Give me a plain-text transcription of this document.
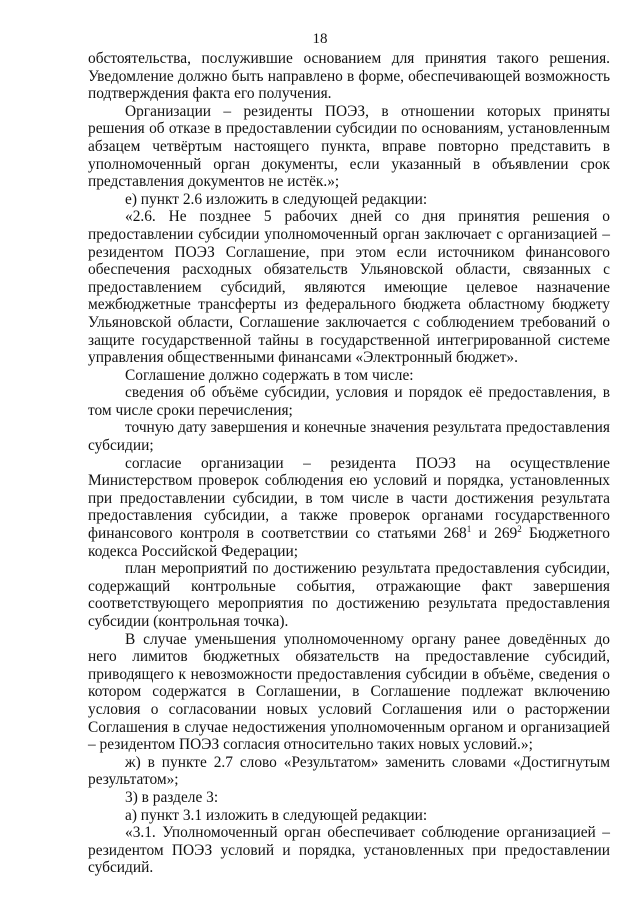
18

обстоятельства, послужившие основанием для принятия такого решения. Уведомление должно быть направлено в форме, обеспечивающей возможность подтверждения факта его получения.

Организации – резиденты ПОЭЗ, в отношении которых приняты решения об отказе в предоставлении субсидии по основаниям, установленным абзацем четвёртым настоящего пункта, вправе повторно представить в уполномоченный орган документы, если указанный в объявлении срок представления документов не истёк.»;

е) пункт 2.6 изложить в следующей редакции:

«2.6. Не позднее 5 рабочих дней со дня принятия решения о предоставлении субсидии уполномоченный орган заключает с организацией – резидентом ПОЭЗ Соглашение, при этом если источником финансового обеспечения расходных обязательств Ульяновской области, связанных с предоставлением субсидий, являются имеющие целевое назначение межбюджетные трансферты из федерального бюджета областному бюджету Ульяновской области, Соглашение заключается с соблюдением требований о защите государственной тайны в государственной интегрированной системе управления общественными финансами «Электронный бюджет».

Соглашение должно содержать в том числе:

сведения об объёме субсидии, условия и порядок её предоставления, в том числе сроки перечисления;

точную дату завершения и конечные значения результата предоставления субсидии;

согласие организации – резидента ПОЭЗ на осуществление Министерством проверок соблюдения ею условий и порядка, установленных при предоставлении субсидии, в том числе в части достижения результата предоставления субсидии, а также проверок органами государственного финансового контроля в соответствии со статьями $268^1$ и $269^2$ Бюджетного кодекса Российской Федерации;

план мероприятий по достижению результата предоставления субсидии, содержащий контрольные события, отражающие факт завершения соответствующего мероприятия по достижению результата предоставления субсидии (контрольная точка).

В случае уменьшения уполномоченному органу ранее доведённых до него лимитов бюджетных обязательств на предоставление субсидий, приводящего к невозможности предоставления субсидии в объёме, сведения о котором содержатся в Соглашении, в Соглашение подлежат включению условия о согласовании новых условий Соглашения или о расторжении Соглашения в случае недостижения уполномоченным органом и организацией – резидентом ПОЭЗ согласия относительно таких новых условий.»;

ж) в пункте 2.7 слово «Результатом» заменить словами «Достигнутым результатом»;

3) в разделе 3:

а) пункт 3.1 изложить в следующей редакции:

«3.1. Уполномоченный орган обеспечивает соблюдение организацией – резидентом ПОЭЗ условий и порядка, установленных при предоставлении субсидий.
